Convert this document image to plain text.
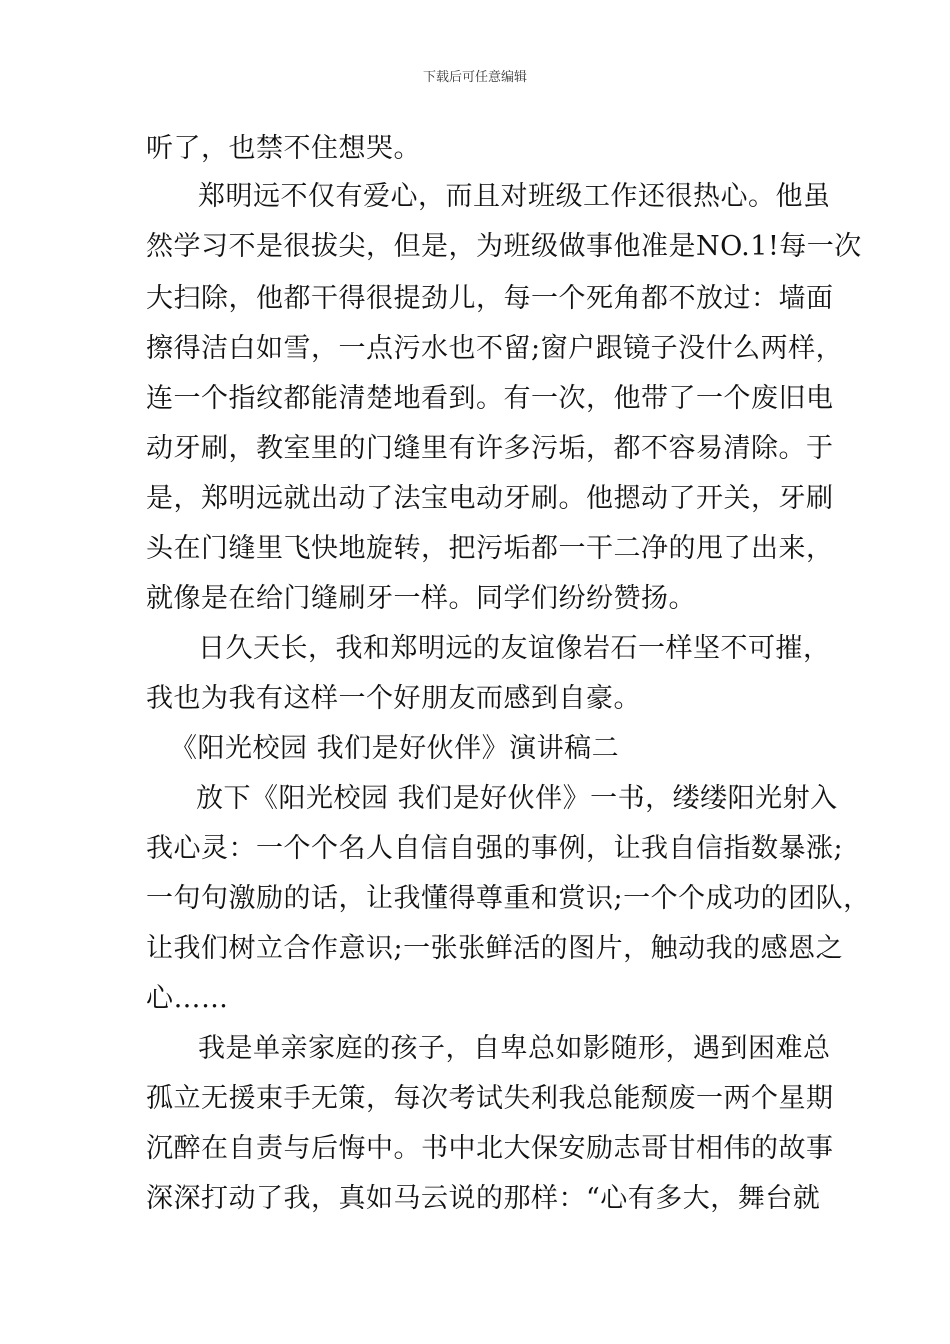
下载后可任意编辑
听了，也禁不住想哭。
郑明远不仅有爱心，而且对班级工作还很热心。他虽
然学习不是很拔尖，但是，为班级做事他准是NO.1!每一次
大扫除，他都干得很提劲儿，每一个死角都不放过：墙面
擦得洁白如雪，一点污水也不留;窗户跟镜子没什么两样，
连一个指纹都能清楚地看到。有一次，他带了一个废旧电
动牙刷，教室里的门缝里有许多污垢，都不容易清除。于
是，郑明远就出动了法宝电动牙刷。他摁动了开关，牙刷
头在门缝里飞快地旋转，把污垢都一干二净的甩了出来，
就像是在给门缝刷牙一样。同学们纷纷赞扬。
日久天长，我和郑明远的友谊像岩石一样坚不可摧，
我也为我有这样一个好朋友而感到自豪。
《阳光校园 我们是好伙伴》演讲稿二
放下《阳光校园 我们是好伙伴》一书，缕缕阳光射入
我心灵：一个个名人自信自强的事例，让我自信指数暴涨;
一句句激励的话，让我懂得尊重和赏识;一个个成功的团队，
让我们树立合作意识;一张张鲜活的图片，触动我的感恩之
心……
我是单亲家庭的孩子，自卑总如影随形，遇到困难总
孤立无援束手无策，每次考试失利我总能颓废一两个星期
沉醉在自责与后悔中。书中北大保安励志哥甘相伟的故事
深深打动了我，真如马云说的那样：“心有多大，舞台就
